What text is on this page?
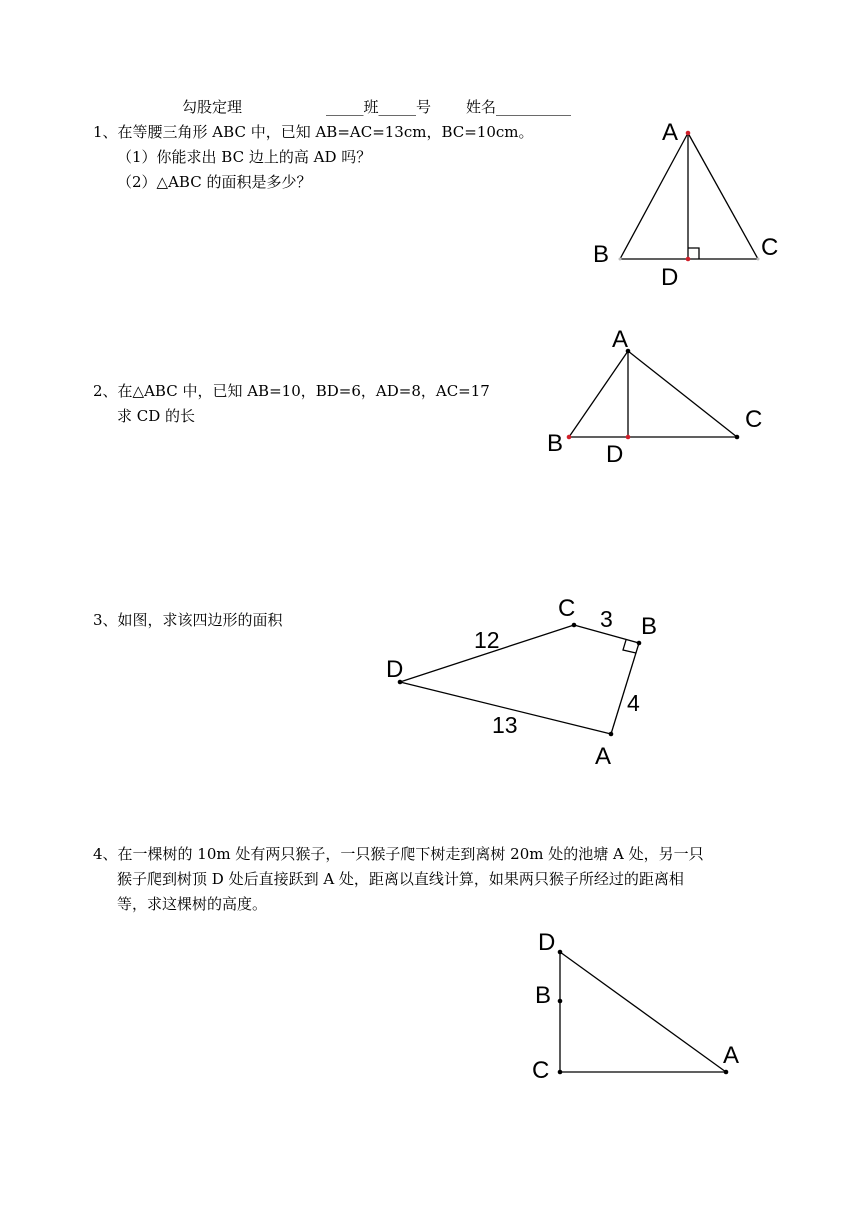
勾股定理	_____班_____号 姓名__________
1、在等腰三角形 ABC 中，已知 AB=AC=13cm，BC=10cm。
（1）你能求出 BC 边上的高 AD 吗？
（2）△ABC 的面积是多少？
2、在△ABC 中，已知 AB=10，BD=6，AD=8，AC=17
求 CD 的长
3、如图，求该四边形的面积
4、在一棵树的 10m 处有两只猴子，一只猴子爬下树走到离树 20m 处的池塘 A 处，另一只
猴子爬到树顶 D 处后直接跃到 A 处，距离以直线计算，如果两只猴子所经过的距离相
等，求这棵树的高度。
A
B	C
D
A
B
C
D
D
C
B
A
3
12
4
13
D
B
C
A
